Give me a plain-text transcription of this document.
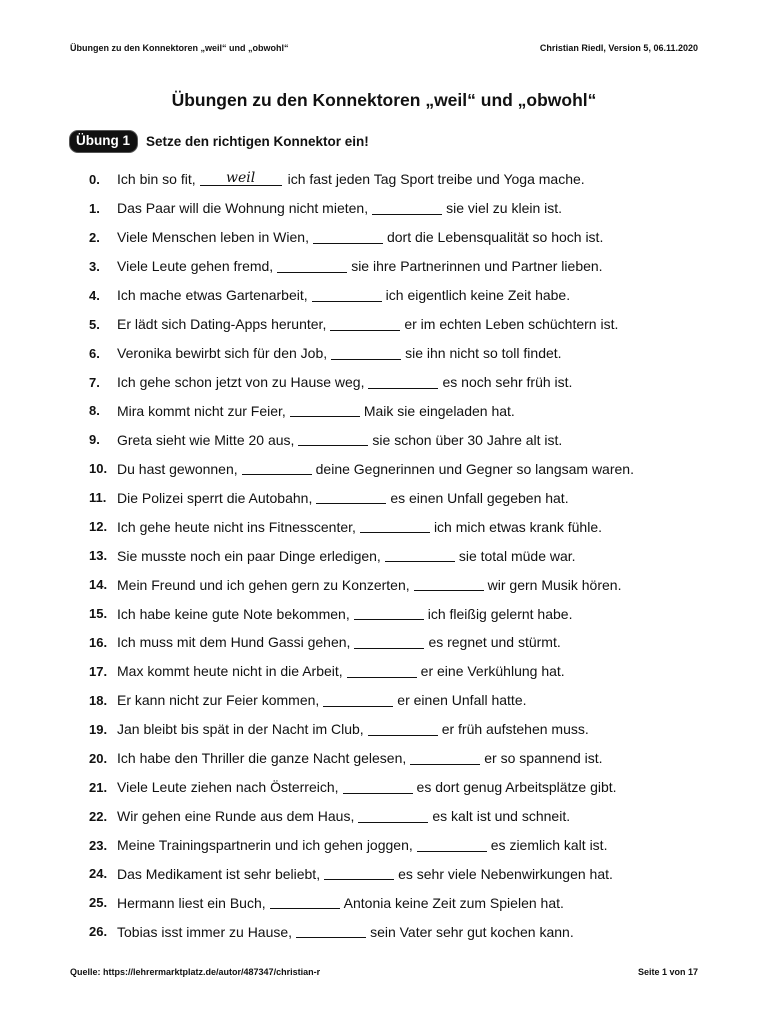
Übungen zu den Konnektoren „weil“ und „obwohl“	Christian Riedl, Version 5, 06.11.2020
Übungen zu den Konnektoren „weil“ und „obwohl“
Übung 1	Setze den richtigen Konnektor ein!
0.	Ich bin so fit,	weil	ich fast jeden Tag Sport treibe und Yoga mache.
1.	Das Paar will die Wohnung nicht mieten,	sie viel zu klein ist.
2.	Viele Menschen leben in Wien,	dort die Lebensqualität so hoch ist.
3.	Viele Leute gehen fremd,	sie ihre Partnerinnen und Partner lieben.
4.	Ich mache etwas Gartenarbeit,	ich eigentlich keine Zeit habe.
5.	Er lädt sich Dating-Apps herunter,	er im echten Leben schüchtern ist.
6.	Veronika bewirbt sich für den Job,	sie ihn nicht so toll findet.
7.	Ich gehe schon jetzt von zu Hause weg,	es noch sehr früh ist.
8.	Mira kommt nicht zur Feier,	Maik sie eingeladen hat.
9.	Greta sieht wie Mitte 20 aus,	sie schon über 30 Jahre alt ist.
10. Du hast gewonnen,	deine Gegnerinnen und Gegner so langsam waren.
11. Die Polizei sperrt die Autobahn,	es einen Unfall gegeben hat.
12. Ich gehe heute nicht ins Fitnesscenter,	ich mich etwas krank fühle.
13. Sie musste noch ein paar Dinge erledigen,	sie total müde war.
14. Mein Freund und ich gehen gern zu Konzerten,	wir gern Musik hören.
15. Ich habe keine gute Note bekommen,	ich fleißig gelernt habe.
16. Ich muss mit dem Hund Gassi gehen,	es regnet und stürmt.
17. Max kommt heute nicht in die Arbeit,	er eine Verkühlung hat.
18. Er kann nicht zur Feier kommen,	er einen Unfall hatte.
19. Jan bleibt bis spät in der Nacht im Club,	er früh aufstehen muss.
20. Ich habe den Thriller die ganze Nacht gelesen,	er so spannend ist.
21. Viele Leute ziehen nach Österreich,	es dort genug Arbeitsplätze gibt.
22. Wir gehen eine Runde aus dem Haus,	es kalt ist und schneit.
23. Meine Trainingspartnerin und ich gehen joggen,	es ziemlich kalt ist.
24. Das Medikament ist sehr beliebt,	es sehr viele Nebenwirkungen hat.
25. Hermann liest ein Buch,	Antonia keine Zeit zum Spielen hat.
26. Tobias isst immer zu Hause,	sein Vater sehr gut kochen kann.
Quelle: https://lehrermarktplatz.de/autor/487347/christian-r	Seite 1 von 17
